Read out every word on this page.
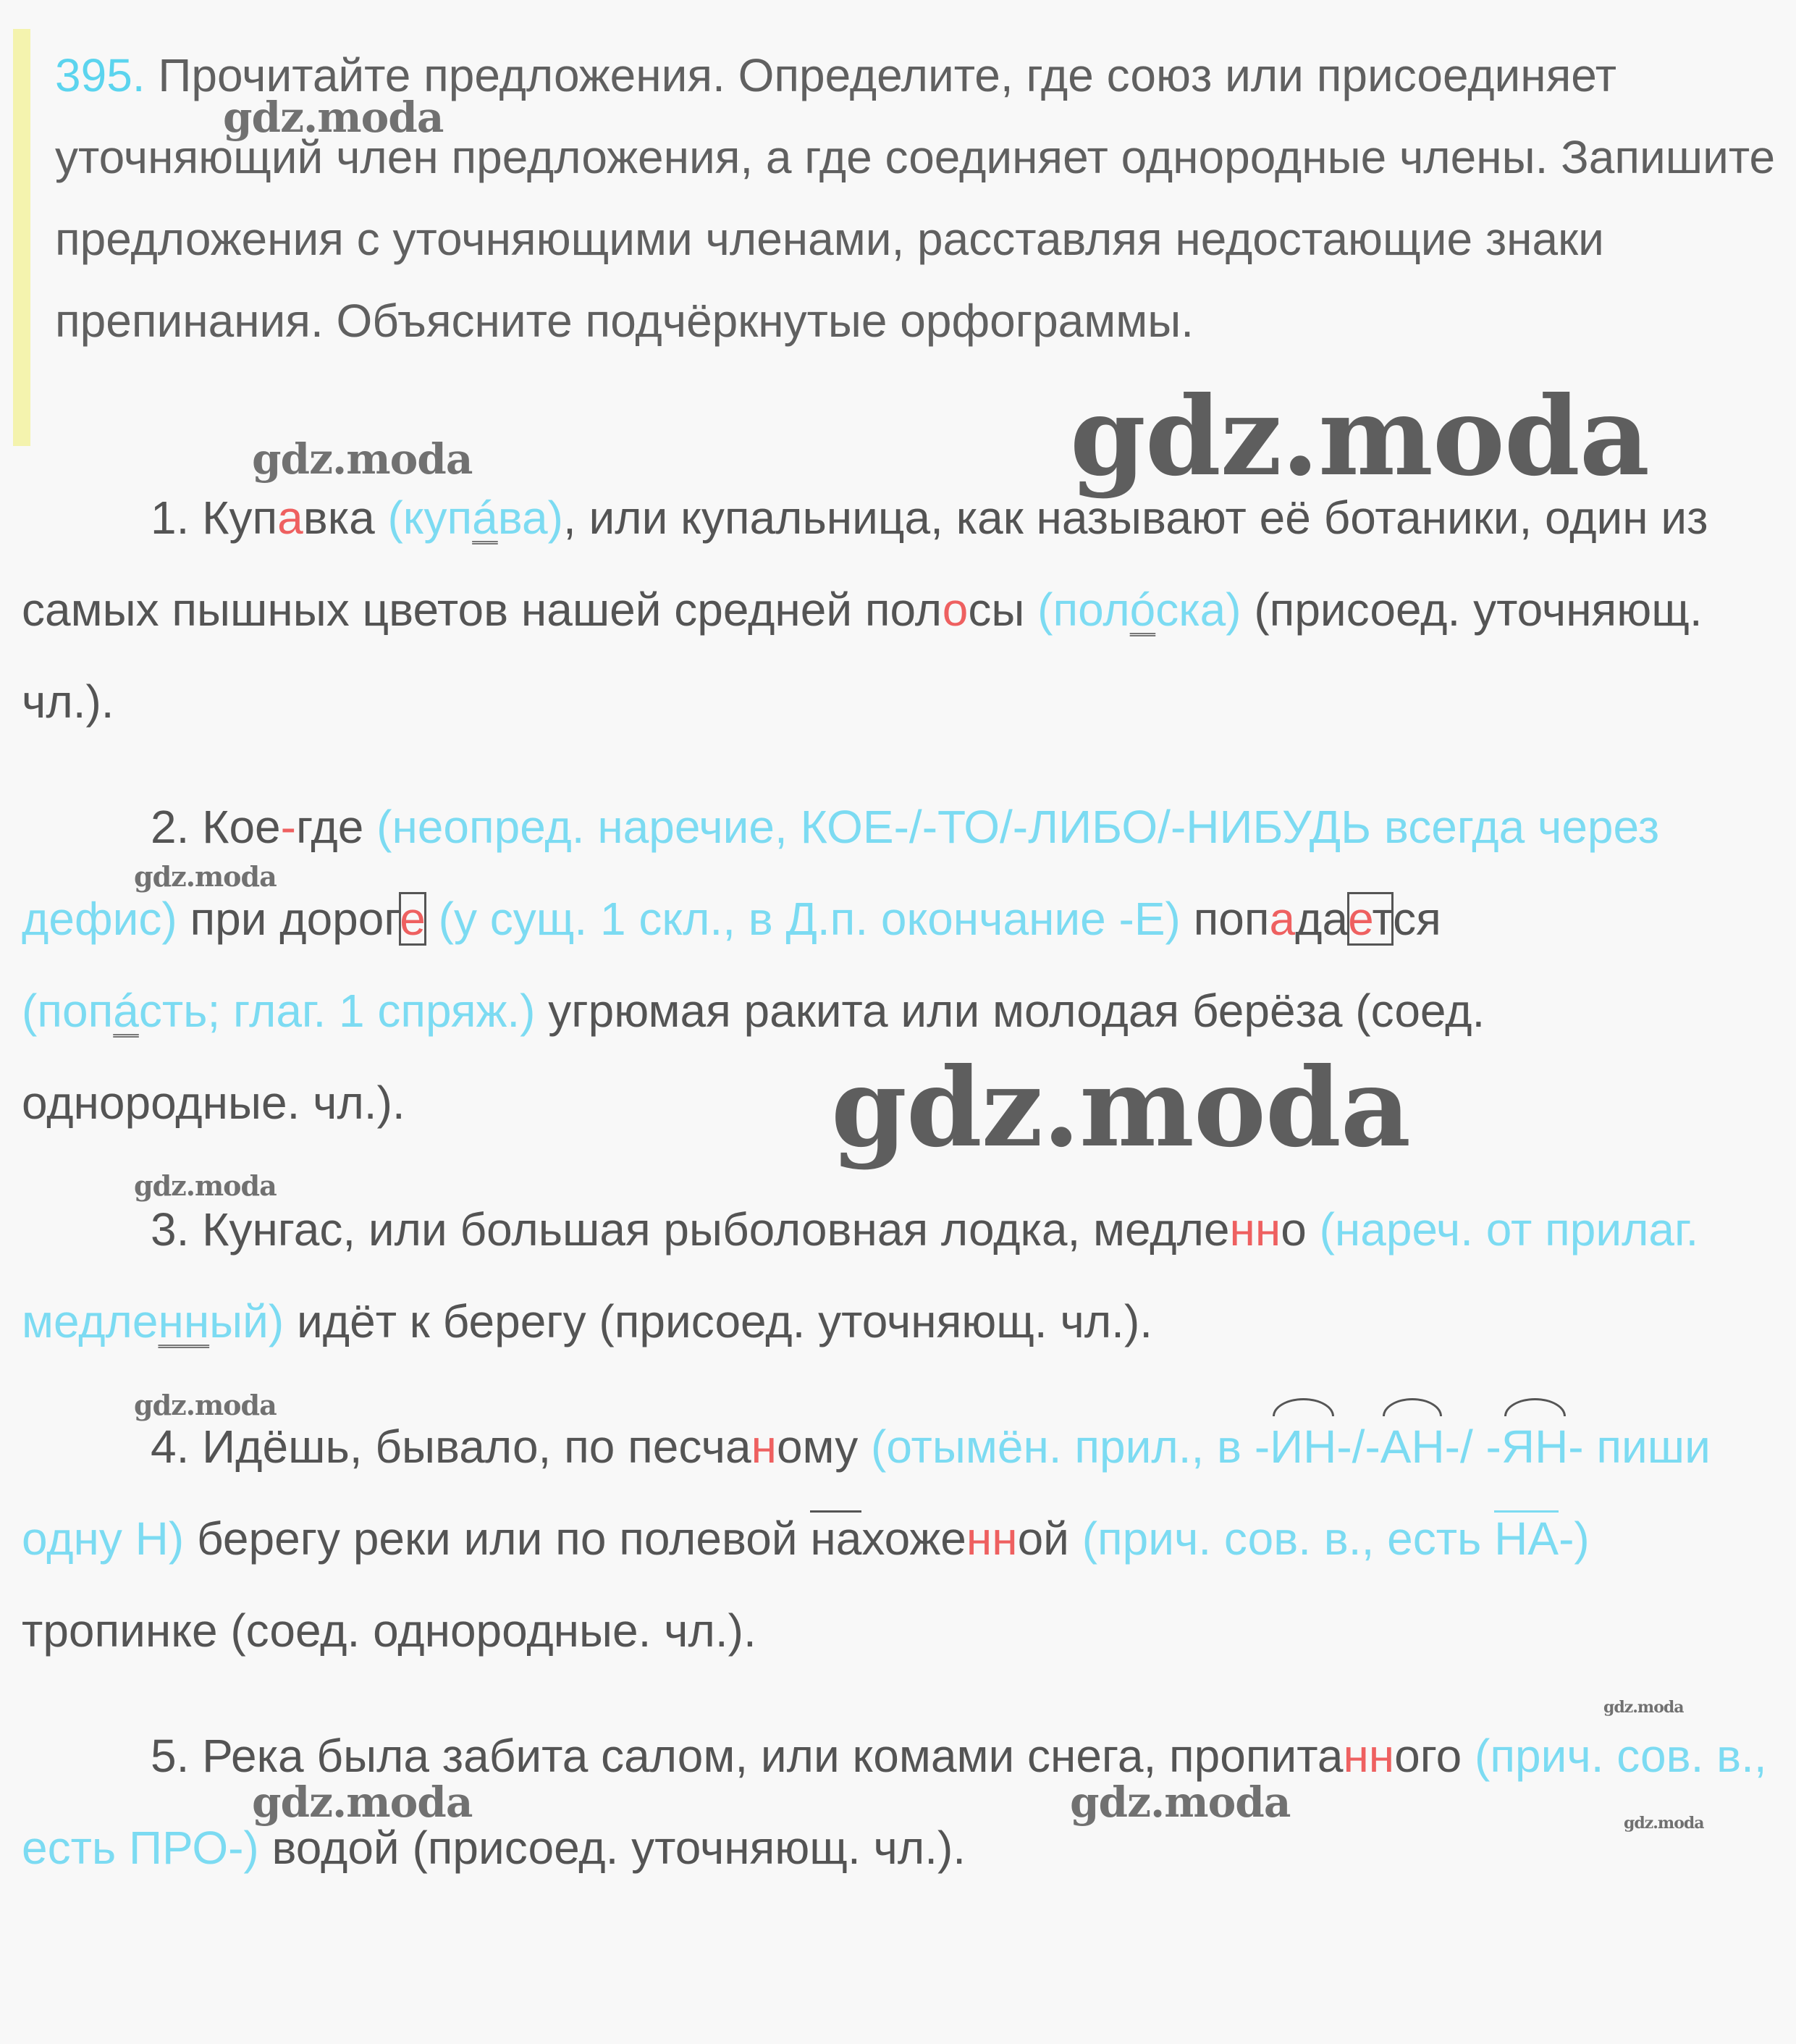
395. Прочитайте предложения. Определите, где союз или присоединяет уточняющий член предложения, а где соединяет однородные члены. Запишите предложения с уточняющими членами, расставляя недостающие знаки препинания. Объясните подчёркнутые орфограммы.
1. Купавка (купáва), или купальница, как называют её ботаники, один из самых пышных цветов нашей средней полосы (полóска) (присоед. уточняющ. чл.).
2. Кое-где (неопред. наречие, КОЕ-/-ТО/-ЛИБО/-НИБУДЬ всегда через дефис) при дороге (у сущ. 1 скл., в Д.п. окончание -Е) попадается (попáсть; глаг. 1 спряж.) угрюмая ракита или молодая берёза (соед. однородные. чл.).
3. Кунгас, или большая рыболовная лодка, медленно (нареч. от прилаг. медленный) идёт к берегу (присоед. уточняющ. чл.).
4. Идёшь, бывало, по песчаному (отымён. прил., в -ИН-/-АН-/ -ЯН- пиши одну Н) берегу реки или по полевой нахоженной (прич. сов. в., есть НА-) тропинке (соед. однородные. чл.).
5. Река была забита салом, или комами снега, пропитанного (прич. сов. в., есть ПРО-) водой (присоед. уточняющ. чл.).
gdz.moda
gdz.moda
gdz.moda
gdz.moda
gdz.moda
gdz.moda
gdz.moda
gdz.moda
gdz.moda	gdz.moda	gdz.moda
